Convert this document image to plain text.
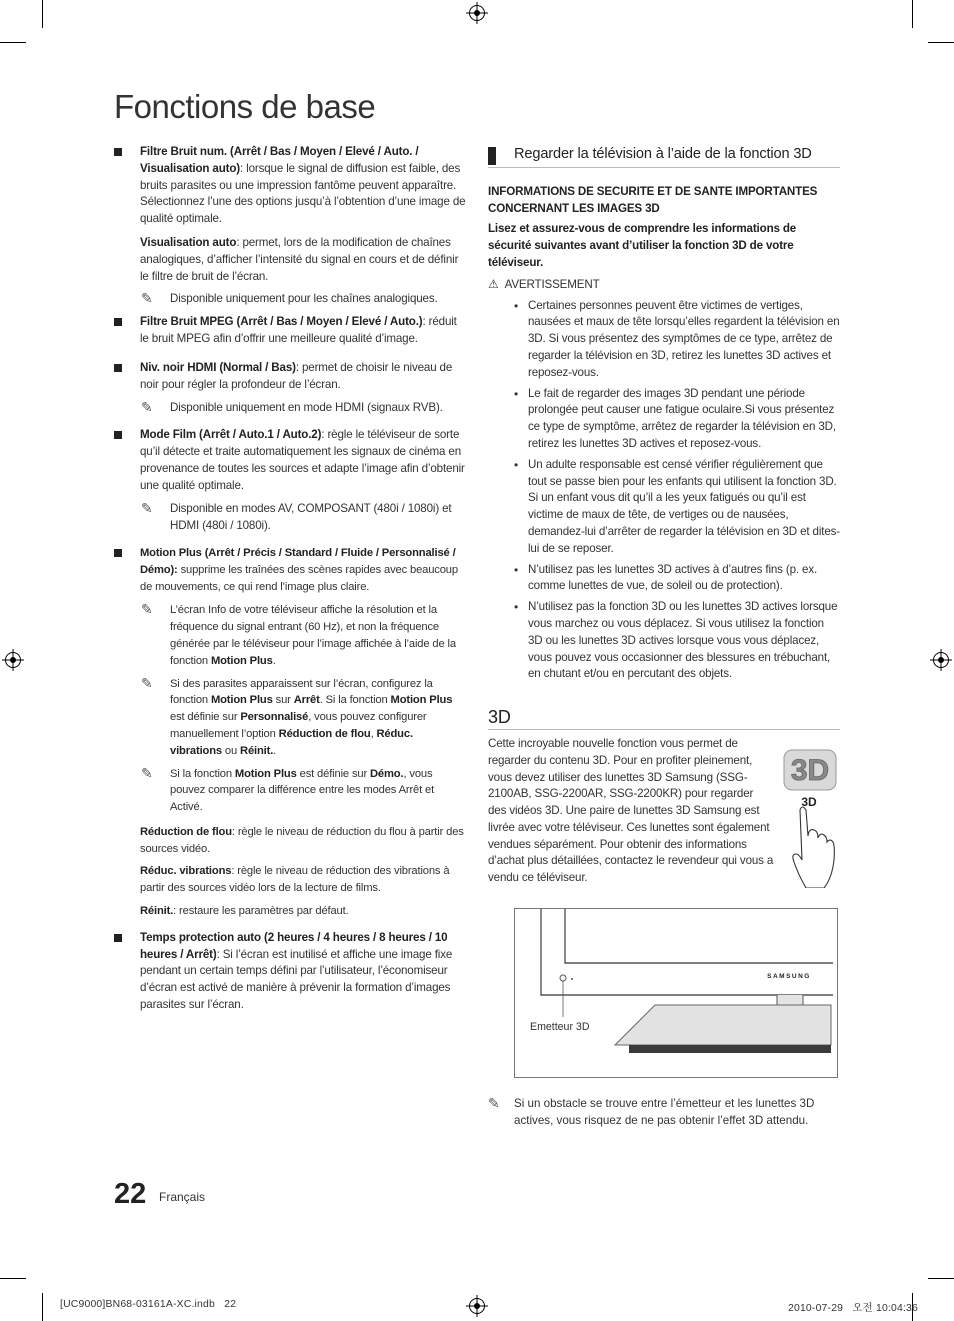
Fonctions de base
Filtre Bruit num. (Arrêt / Bas / Moyen / Elevé / Auto. / Visualisation auto): lorsque le signal de diffusion est faible, des bruits parasites ou une impression fantôme peuvent apparaître. Sélectionnez l’une des options jusqu’à l’obtention d’une image de qualité optimale.
Visualisation auto: permet, lors de la modification de chaînes analogiques, d’afficher l’intensité du signal en cours et de définir le filtre de bruit de l’écran.
✎ Disponible uniquement pour les chaînes analogiques.
Filtre Bruit MPEG (Arrêt / Bas / Moyen / Elevé / Auto.): réduit le bruit MPEG afin d’offrir une meilleure qualité d’image.
Niv. noir HDMI (Normal / Bas): permet de choisir le niveau de noir pour régler la profondeur de l’écran.
✎ Disponible uniquement en mode HDMI (signaux RVB).
Mode Film (Arrêt / Auto.1 / Auto.2): règle le téléviseur de sorte qu’il détecte et traite automatiquement les signaux de cinéma en provenance de toutes les sources et adapte l’image afin d’obtenir une qualité optimale.
✎ Disponible en modes AV, COMPOSANT (480i / 1080i) et HDMI (480i / 1080i).
Motion Plus (Arrêt / Précis / Standard / Fluide / Personnalisé / Démo): supprime les traînées des scènes rapides avec beaucoup de mouvements, ce qui rend l’image plus claire.
✎ L’écran Info de votre téléviseur affiche la résolution et la fréquence du signal entrant (60 Hz), et non la fréquence générée par le téléviseur pour l’image affichée à l’aide de la fonction Motion Plus.
✎ Si des parasites apparaissent sur l’écran, configurez la fonction Motion Plus sur Arrêt. Si la fonction Motion Plus est définie sur Personnalisé, vous pouvez configurer manuellement l’option Réduction de flou, Réduc. vibrations ou Réinit..
✎ Si la fonction Motion Plus est définie sur Démo., vous pouvez comparer la différence entre les modes Arrêt et Activé.
Réduction de flou: règle le niveau de réduction du flou à partir des sources vidéo.
Réduc. vibrations: règle le niveau de réduction des vibrations à partir des sources vidéo lors de la lecture de films.
Réinit.: restaure les paramètres par défaut.
Temps protection auto (2 heures / 4 heures / 8 heures / 10 heures / Arrêt): Si l’écran est inutilisé et affiche une image fixe pendant un certain temps défini par l’utilisateur, l’économiseur d’écran est activé de manière à prévenir la formation d’images parasites sur l’écran.
Regarder la télévision à l’aide de la fonction 3D
INFORMATIONS DE SECURITE ET DE SANTE IMPORTANTES CONCERNANT LES IMAGES 3D
Lisez et assurez-vous de comprendre les informations de sécurité suivantes avant d’utiliser la fonction 3D de votre téléviseur.
⚠ AVERTISSEMENT
• Certaines personnes peuvent être victimes de vertiges, nausées et maux de tête lorsqu’elles regardent la télévision en 3D. Si vous présentez des symptômes de ce type, arrêtez de regarder la télévision en 3D, retirez les lunettes 3D actives et reposez-vous.
• Le fait de regarder des images 3D pendant une période prolongée peut causer une fatigue oculaire.Si vous présentez ce type de symptôme, arrêtez de regarder la télévision en 3D, retirez les lunettes 3D actives et reposez-vous.
• Un adulte responsable est censé vérifier régulièrement que tout se passe bien pour les enfants qui utilisent la fonction 3D. Si un enfant vous dit qu’il a les yeux fatigués ou qu’il est victime de maux de tête, de vertiges ou de nausées, demandez-lui d’arrêter de regarder la télévision en 3D et dites-lui de se reposer.
• N’utilisez pas les lunettes 3D actives à d’autres fins (p. ex. comme lunettes de vue, de soleil ou de protection).
• N’utilisez pas la fonction 3D ou les lunettes 3D actives lorsque vous marchez ou vous déplacez. Si vous utilisez la fonction 3D ou les lunettes 3D actives lorsque vous vous déplacez, vous pouvez vous occasionner des blessures en trébuchant, en chutant et/ou en percutant des objets.
3D
Cette incroyable nouvelle fonction vous permet de regarder du contenu 3D. Pour en profiter pleinement, vous devez utiliser des lunettes 3D Samsung (SSG-2100AB, SSG-2200AR, SSG-2200KR) pour regarder des vidéos 3D. Une paire de lunettes 3D Samsung est livrée avec votre téléviseur. Ces lunettes sont également vendues séparément. Pour obtenir des informations d’achat plus détaillées, contactez le revendeur qui vous a vendu ce téléviseur.
3D
3D
SAMSUNG
Emetteur 3D
✎	Si un obstacle se trouve entre l’émetteur et les lunettes 3D actives, vous risquez de ne pas obtenir l’effet 3D attendu.
22 Français
[UC9000]BN68-03161A-XC.indb   22	2010-07-29   오전 10:04:36
